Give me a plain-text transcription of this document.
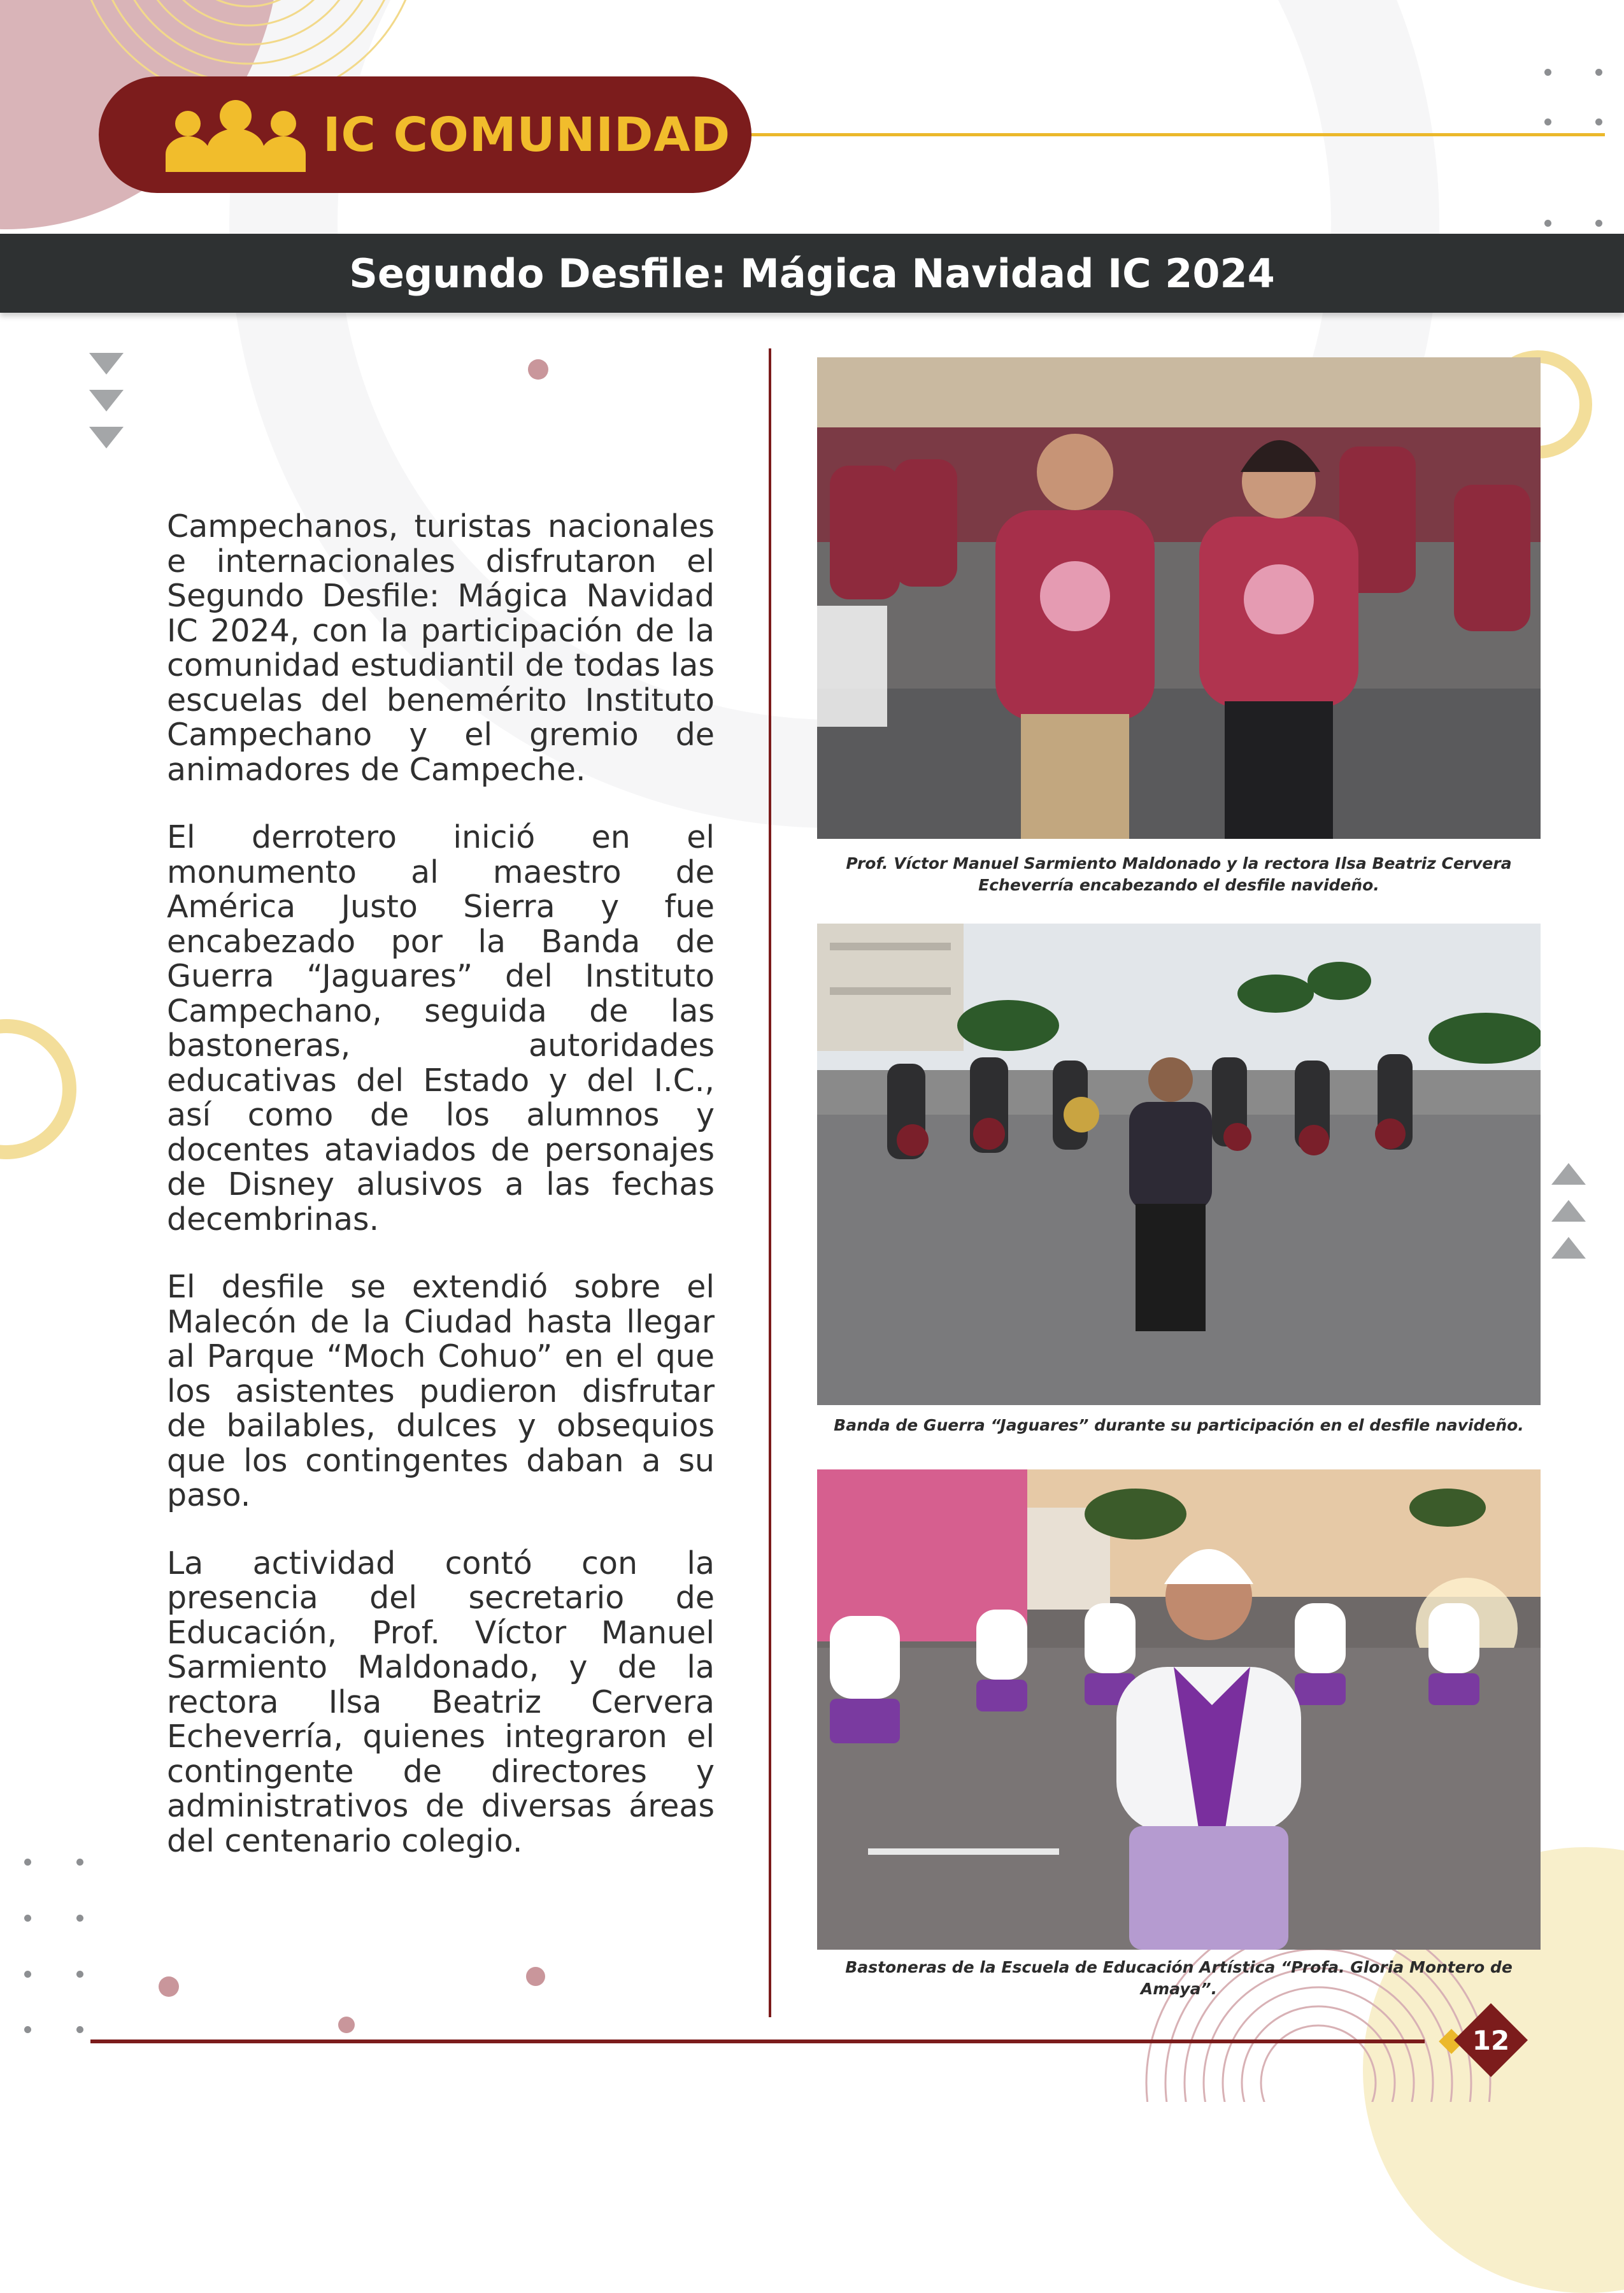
IC COMUNIDAD
Segundo Desfile: Mágica Navidad IC 2024

Campechanos, turistas nacionales e internacionales disfrutaron el Segundo Desfile: Mágica Navidad IC 2024, con la participación de la comunidad estudiantil de todas las escuelas del benemérito Instituto Campechano y el gremio de animadores de Campeche.

El derrotero inició en el monumento al maestro de América Justo Sierra y fue encabezado por la Banda de Guerra “Jaguares” del Instituto Campechano, seguida de las bastoneras, autoridades educativas del Estado y del I.C., así como de los alumnos y docentes ataviados de personajes de Disney alusivos a las fechas decembrinas.

El desfile se extendió sobre el Malecón de la Ciudad hasta llegar al Parque “Moch Cohuo” en el que los asistentes pudieron disfrutar de bailables, dulces y obsequios que los contingentes daban a su paso.

La actividad contó con la presencia del secretario de Educación, Prof. Víctor Manuel Sarmiento Maldonado, y de la rectora Ilsa Beatriz Cervera Echeverría, quienes integraron el contingente de directores y administrativos de diversas áreas del centenario colegio.

Prof. Víctor Manuel Sarmiento Maldonado y la rectora Ilsa Beatriz Cervera Echeverría encabezando el desfile navideño.
Banda de Guerra “Jaguares” durante su participación en el desfile navideño.
Bastoneras de la Escuela de Educación Artística “Profa. Gloria Montero de Amaya”.
12
